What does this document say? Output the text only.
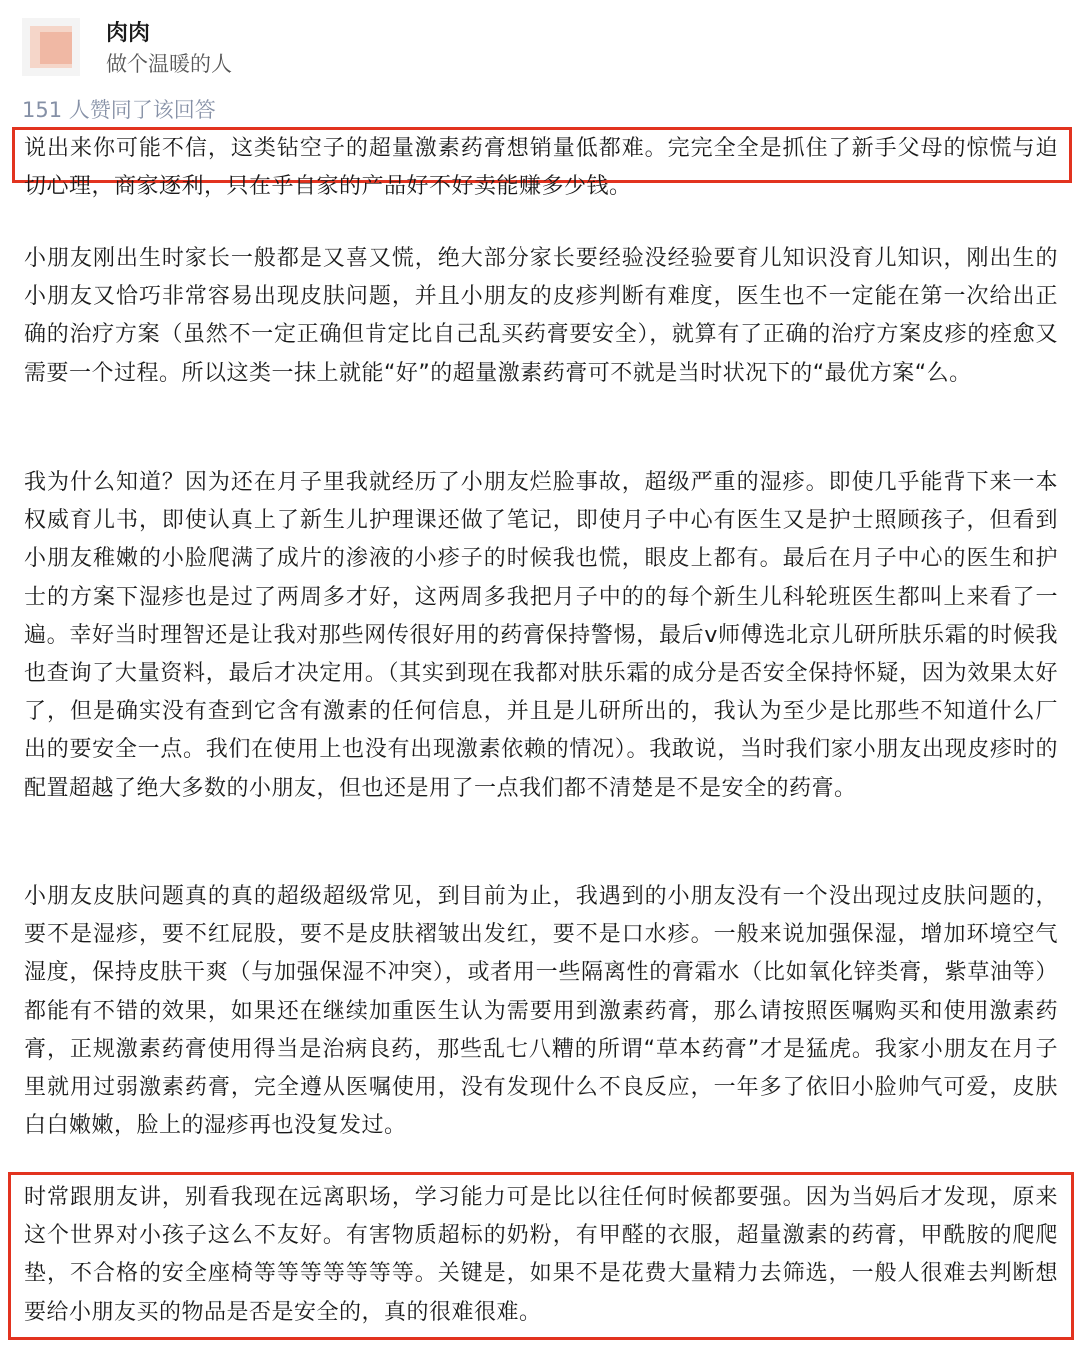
肉肉
做个温暖的人
151 人赞同了该回答

说出来你可能不信，这类钻空子的超量激素药膏想销量低都难。完完全全是抓住了新手父母的惊慌与迫切心理，商家逐利，只在乎自家的产品好不好卖能赚多少钱。

小朋友刚出生时家长一般都是又喜又慌，绝大部分家长要经验没经验要育儿知识没育儿知识，刚出生的小朋友又恰巧非常容易出现皮肤问题，并且小朋友的皮疹判断有难度，医生也不一定能在第一次给出正确的治疗方案（虽然不一定正确但肯定比自己乱买药膏要安全），就算有了正确的治疗方案皮疹的痊愈又需要一个过程。所以这类一抹上就能“好”的超量激素药膏可不就是当时状况下的“最优方案“么。

我为什么知道？因为还在月子里我就经历了小朋友烂脸事故，超级严重的湿疹。即使几乎能背下来一本权威育儿书，即使认真上了新生儿护理课还做了笔记，即使月子中心有医生又是护士照顾孩子，但看到小朋友稚嫩的小脸爬满了成片的渗液的小疹子的时候我也慌，眼皮上都有。最后在月子中心的医生和护士的方案下湿疹也是过了两周多才好，这两周多我把月子中的的每个新生儿科轮班医生都叫上来看了一遍。幸好当时理智还是让我对那些网传很好用的药膏保持警惕，最后v师傅选北京儿研所肤乐霜的时候我也查询了大量资料，最后才决定用。（其实到现在我都对肤乐霜的成分是否安全保持怀疑，因为效果太好了，但是确实没有查到它含有激素的任何信息，并且是儿研所出的，我认为至少是比那些不知道什么厂出的要安全一点。我们在使用上也没有出现激素依赖的情况）。我敢说，当时我们家小朋友出现皮疹时的配置超越了绝大多数的小朋友，但也还是用了一点我们都不清楚是不是安全的药膏。

小朋友皮肤问题真的真的超级超级常见，到目前为止，我遇到的小朋友没有一个没出现过皮肤问题的，要不是湿疹，要不红屁股，要不是皮肤褶皱出发红，要不是口水疹。一般来说加强保湿，增加环境空气湿度，保持皮肤干爽（与加强保湿不冲突），或者用一些隔离性的膏霜水（比如氧化锌类膏，紫草油等）都能有不错的效果，如果还在继续加重医生认为需要用到激素药膏，那么请按照医嘱购买和使用激素药膏，正规激素药膏使用得当是治病良药，那些乱七八糟的所谓“草本药膏”才是猛虎。我家小朋友在月子里就用过弱激素药膏，完全遵从医嘱使用，没有发现什么不良反应，一年多了依旧小脸帅气可爱，皮肤白白嫩嫩，脸上的湿疹再也没复发过。

时常跟朋友讲，别看我现在远离职场，学习能力可是比以往任何时候都要强。因为当妈后才发现，原来这个世界对小孩子这么不友好。有害物质超标的奶粉，有甲醛的衣服，超量激素的药膏，甲酰胺的爬爬垫，不合格的安全座椅等等等等等等等。关键是，如果不是花费大量精力去筛选，一般人很难去判断想要给小朋友买的物品是否是安全的，真的很难很难。
